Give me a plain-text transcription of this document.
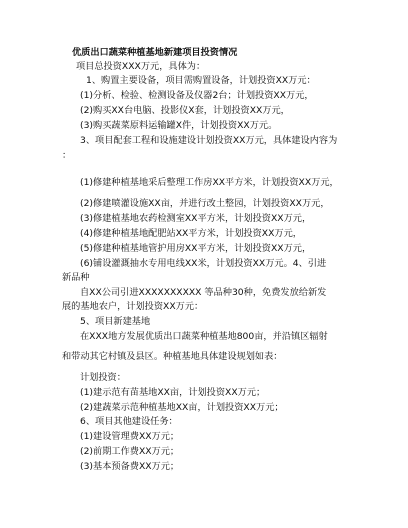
优质出口蔬菜种植基地新建项目投资情况
项目总投资XXX万元，具体为：
1、购置主要设备，项目需购置设备，计划投资XX万元：
(1)分析、检验、检测设备及仪器2台；计划投资XX万元，
(2)购买XX台电脑、投影仪X套，计划投资XX万元，
(3)购买蔬菜原料运输罐X件，计划投资XX万元。
3、项目配套工程和设施建设计划投资XX万元，具体建设内容为
：
(1)修建种植基地采后整理工作房XX平方米，计划投资XX万元，
(2)修建喷灌设施XX亩，并进行改土整园，计划投资XX万元，
(3)修建植基地农药检测室XX平方米，计划投资XX万元，
(4)修建种植基地配肥站XX平方米，计划投资XX万元，
(5)修建种植基地管护用房XX平方米，计划投资XX万元，
(6)铺设灌溉抽水专用电线XX米，计划投资XX万元。4、引进
新品种
自XX公司引进XXXXXXXXXX 等品种30种，免费发放给新发
展的基地农户，计划投资XX万元：
5、项目新建基地
在XXX地方发展优质出口蔬菜种植基地800亩，并沿镇区辐射
和带动其它村镇及县区。种植基地具体建设规划如表：
计划投资：
(1)建示范有苗基地XX亩，计划投资XX万元；
(2)建蔬菜示范种植基地XX亩，计划投资XX万元；
6、项目其他建设任务：
(1)建设管理费XX万元；
(2)前期工作费XX万元；
(3)基本预备费XX万元；
